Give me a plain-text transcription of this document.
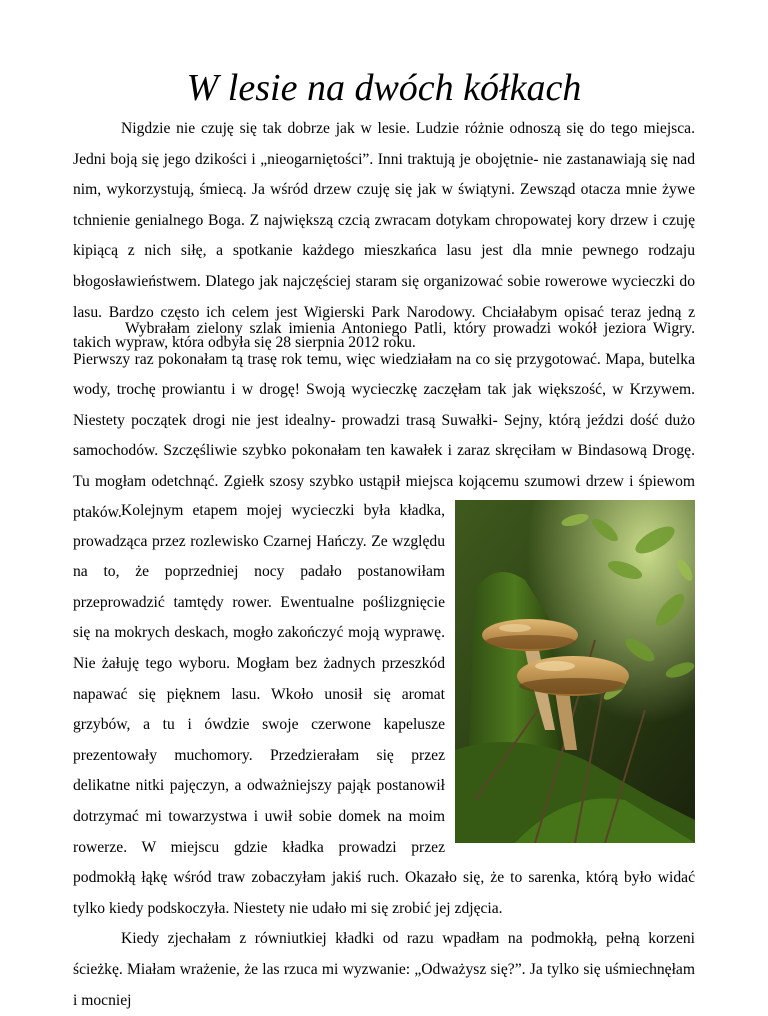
W lesie na dwóch kółkach

Nigdzie nie czuję się tak dobrze jak w lesie. Ludzie różnie odnoszą się do tego miejsca. Jedni boją się jego dzikości i „nieogarniętości”. Inni traktują je obojętnie- nie zastanawiają się nad nim, wykorzystują, śmiecą. Ja wśród drzew czuję się jak w świątyni. Zewsząd otacza mnie żywe tchnienie genialnego Boga. Z największą czcią zwracam dotykam chropowatej kory drzew i czuję kipiącą z nich siłę, a spotkanie każdego mieszkańca lasu jest dla mnie pewnego rodzaju błogosławieństwem. Dlatego jak najczęściej staram się organizować sobie rowerowe wycieczki do lasu. Bardzo często ich celem jest Wigierski Park Narodowy. Chciałabym opisać teraz jedną z takich wypraw, która odbyła się 28 sierpnia 2012 roku.

Wybrałam zielony szlak imienia Antoniego Patli, który prowadzi wokół jeziora Wigry. Pierwszy raz pokonałam tą trasę rok temu, więc wiedziałam na co się przygotować. Mapa, butelka wody, trochę prowiantu i w drogę! Swoją wycieczkę zaczęłam tak jak większość, w Krzywem. Niestety początek drogi nie jest idealny- prowadzi trasą Suwałki- Sejny, którą jeździ dość dużo samochodów. Szczęśliwie szybko pokonałam ten kawałek i zaraz skręciłam w Bindasową Drogę. Tu mogłam odetchnąć. Zgiełk szosy szybko ustąpił miejsca kojącemu szumowi drzew i śpiewom ptaków. Kolejnym etapem mojej wycieczki była kładka, prowadząca przez rozlewisko Czarnej Hańczy. Ze względu na to, że poprzedniej nocy padało postanowiłam przeprowadzić tamtędy rower. Ewentualne poślizgnięcie się na mokrych deskach, mogło zakończyć moją wyprawę. Nie żałuję tego wyboru. Mogłam bez żadnych przeszkód napawać się pięknem lasu. Wkoło unosił się aromat grzybów, a tu i ówdzie swoje czerwone kapelusze prezentowały muchomory. Przedzierałam się przez delikatne nitki pajęczyn, a odważniejszy pająk postanowił dotrzymać mi towarzystwa i uwił sobie domek na moim rowerze. W miejscu gdzie kładka prowadzi przez podmokłą łąkę wśród traw zobaczyłam jakiś ruch. Okazało się, że to sarenka, którą było widać tylko kiedy podskoczyła. Niestety nie udało mi się zrobić jej zdjęcia.

Kiedy zjechałam z równiutkiej kładki od razu wpadłam na podmokłą, pełną korzeni ścieżkę. Miałam wrażenie, że las rzuca mi wyzwanie: „Odważysz się?”. Ja tylko się uśmiechnęłam i mocniej
